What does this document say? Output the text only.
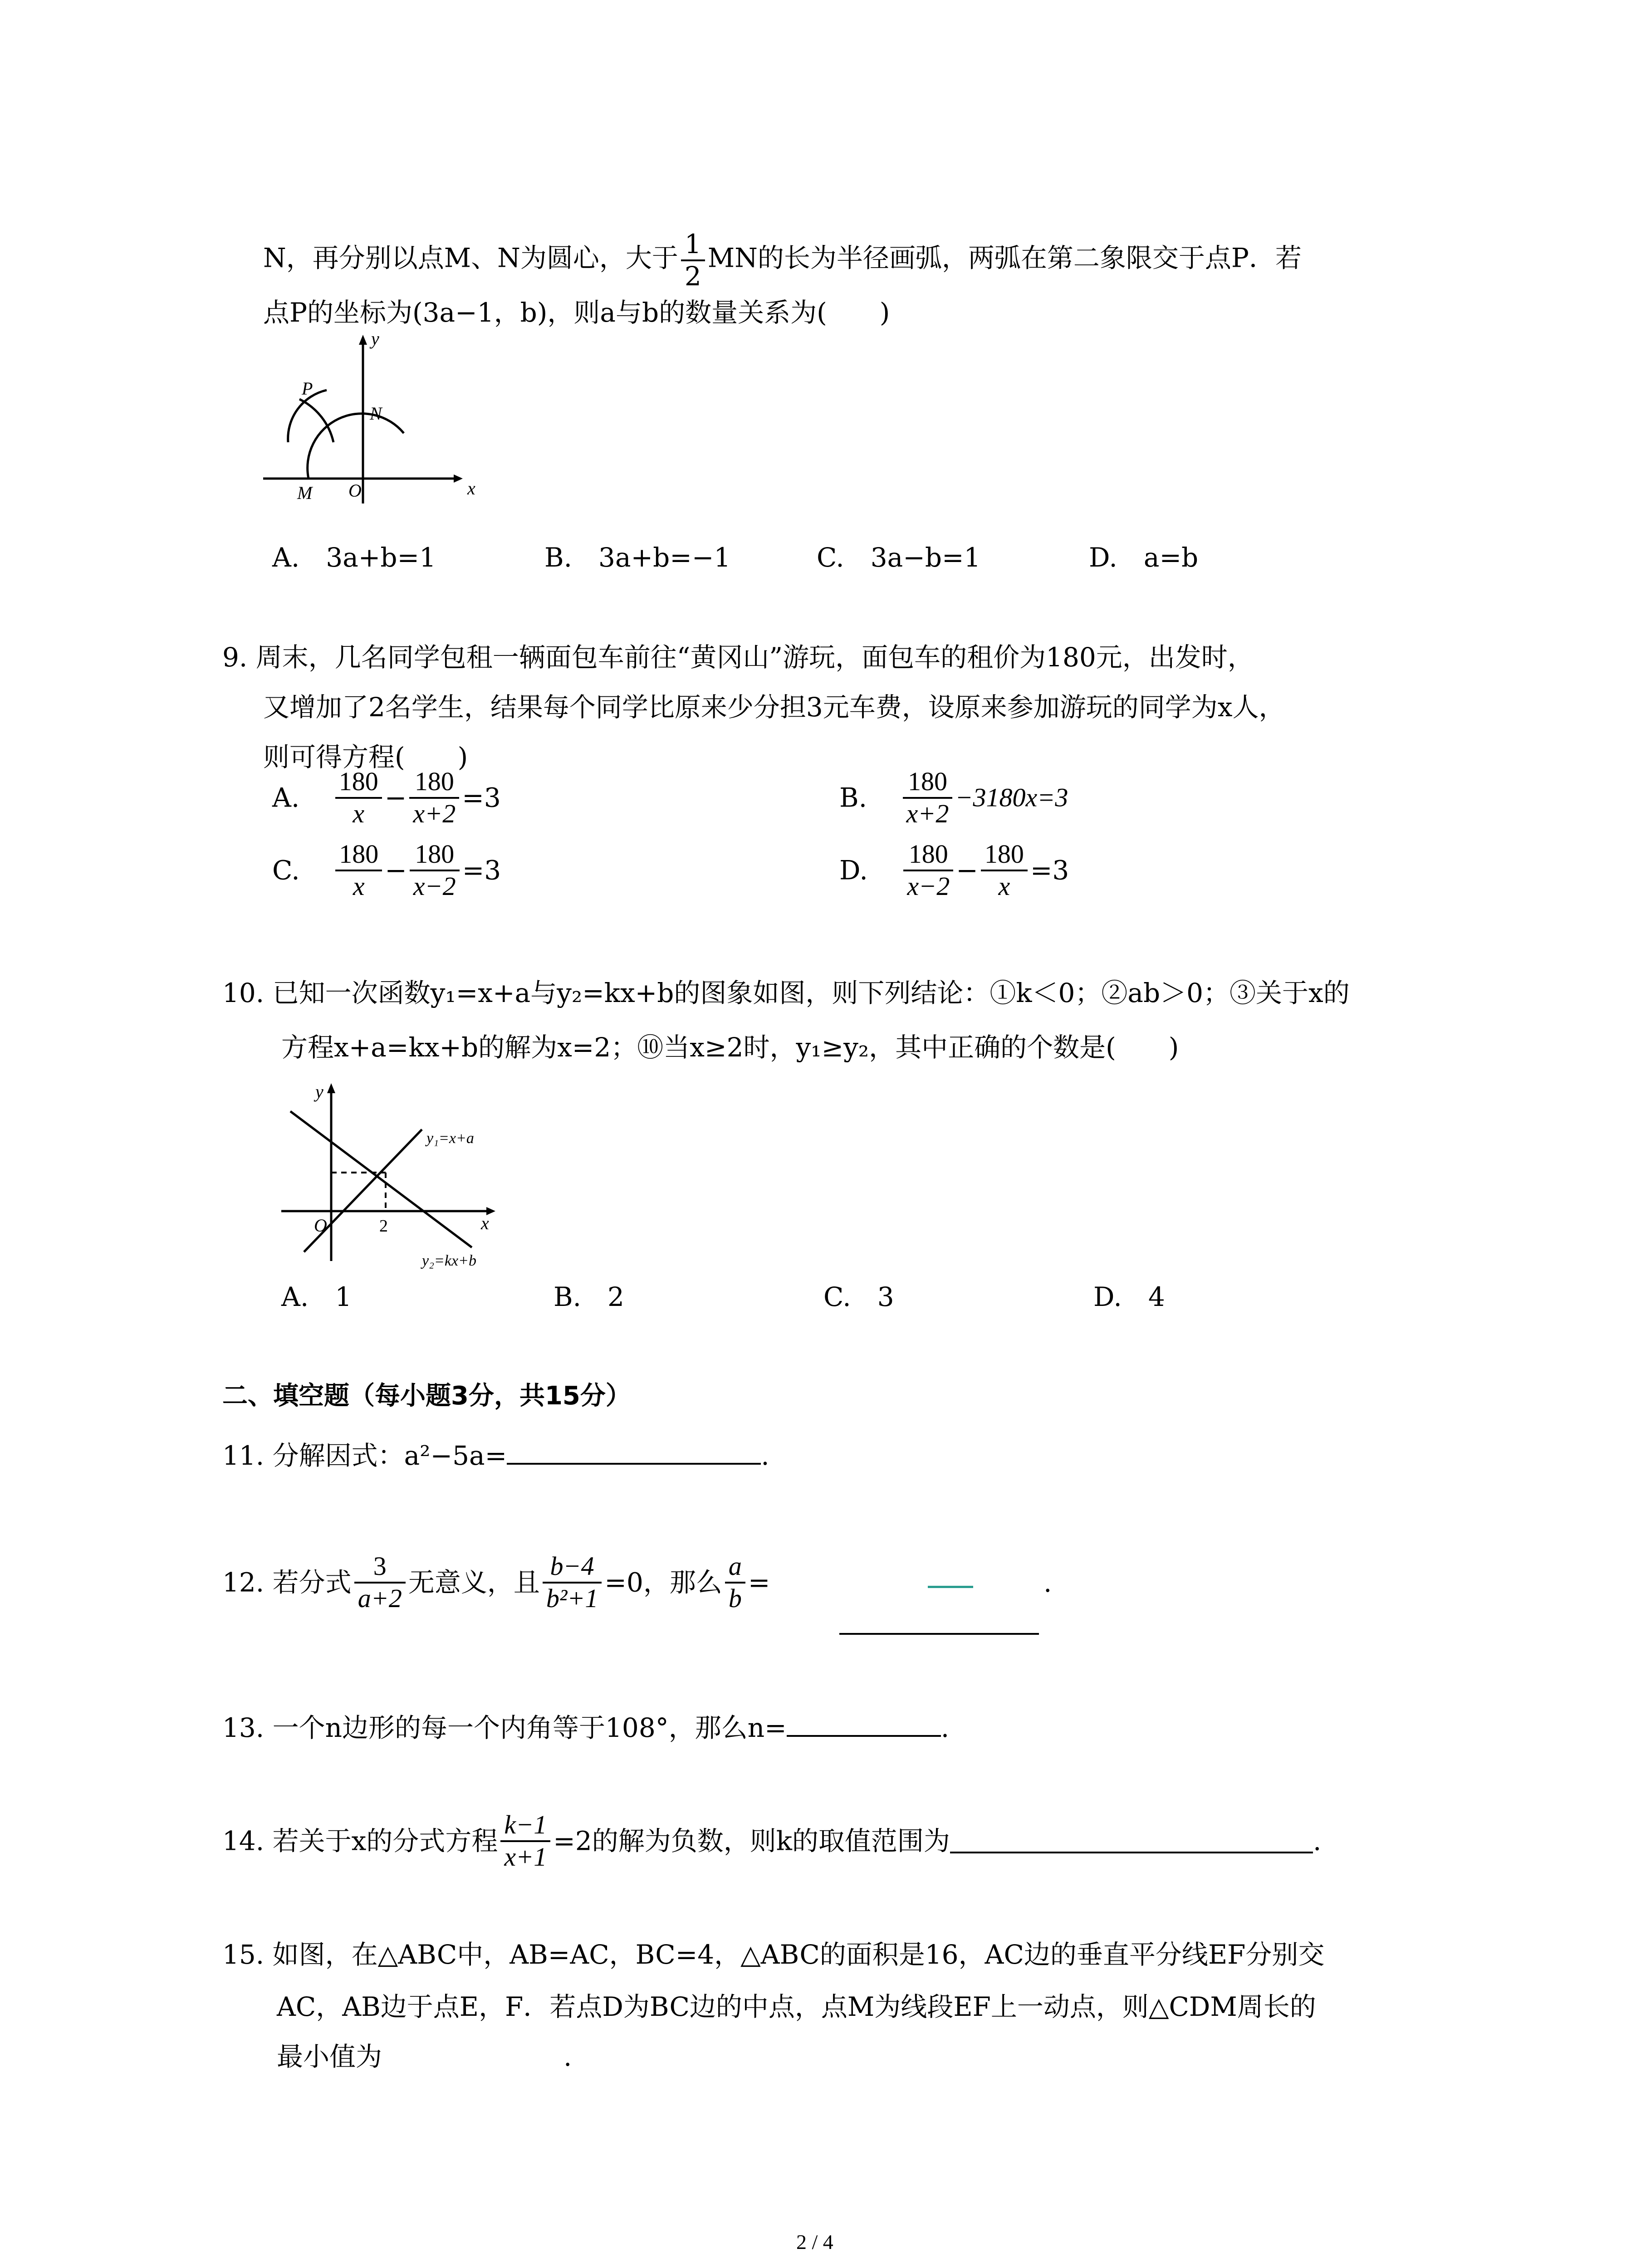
N，再分别以点M、N为圆心，大于 $\frac{1}{2}$ MN的长为半径画弧，两弧在第二象限交于点P．若
点P的坐标为(3a−1，b)，则a与b的数量关系为(　　)
y
x
P
N
M O
A.　3a+b=1	B.　3a+b=−1	C.　3a−b=1	D.　a=b
9. 周末，几名同学包租一辆面包车前往“黄冈山”游玩，面包车的租价为180元，出发时，
又增加了2名学生，结果每个同学比原来少分担3元车费，设原来参加游玩的同学为x人，
则可得方程(　　)
A. $\frac{180}{x} - \frac{180}{x+2} =3$	B. $\frac{180}{x+2} -3180x=3$
C. $\frac{180}{x} - \frac{180}{x-2} =3$	D. $\frac{180}{x-2} - \frac{180}{x} =3$
10. 已知一次函数y₁=x+a与y₂=kx+b的图象如图，则下列结论：①k＜0；②ab＞0；③关于x的
方程x+a=kx+b的解为x=2；⑩当x≥2时，y₁≥y₂，其中正确的个数是(　　)
y
x
O	2
y₁=x+a
y₂=kx+b
A.　1	B.　2	C.　3	D.　4
二、填空题（每小题3分，共15分）
11. 分解因式：a²−5a=	.
12. 若分式 $\frac{3}{a+2}$ 无意义，且 $\frac{b-4}{\text{b²+1}} =0$，那么 $\frac{a}{b}$ =	.
13. 一个n边形的每一个内角等于108°，那么n=	.
14. 若关于x的分式方程 $\frac{k-1}{x+1} =2$的解为负数，则k的取值范围为	.
15. 如图，在△ABC中，AB=AC，BC=4，△ABC的面积是16，AC边的垂直平分线EF分别交
AC，AB边于点E，F．若点D为BC边的中点，点M为线段EF上一动点，则△CDM周长的
最小值为	.
2 / 4
